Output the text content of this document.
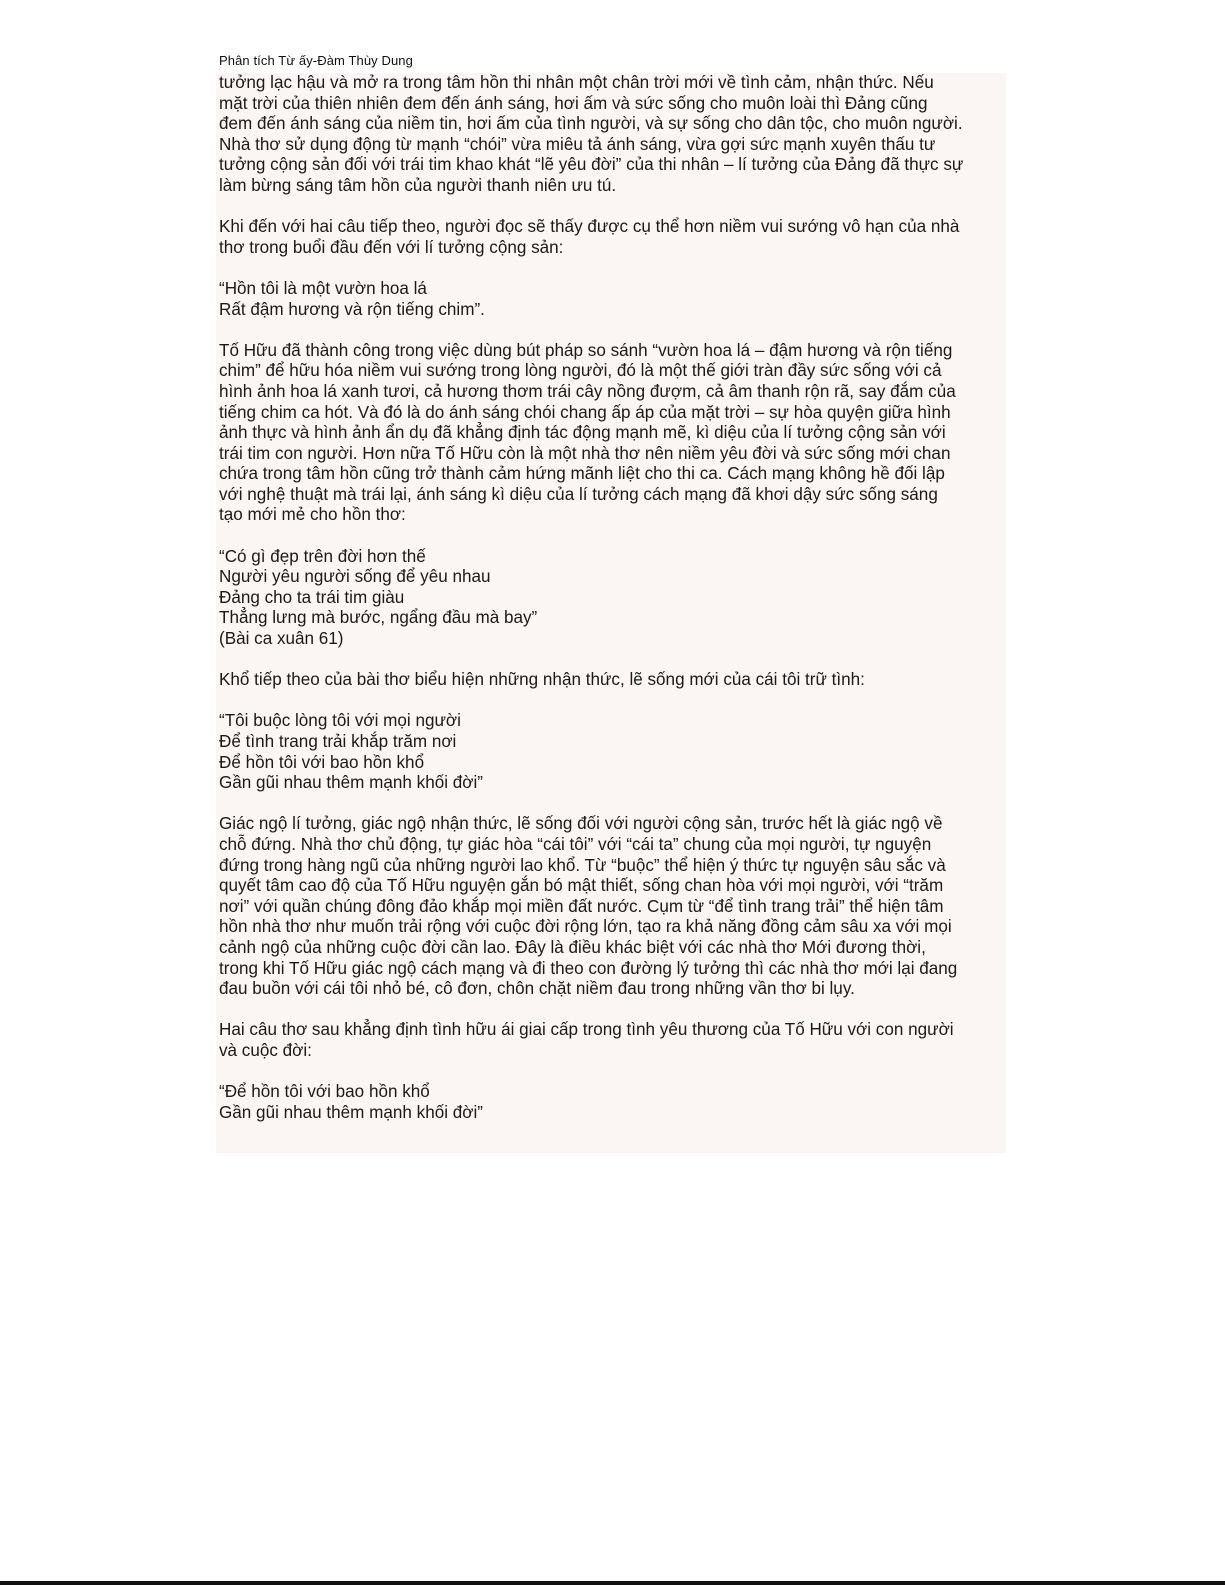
Phân tích Từ ấy-Đàm Thùy Dung

tưởng lạc hậu và mở ra trong tâm hồn thi nhân một chân trời mới về tình cảm, nhận thức. Nếu
mặt trời của thiên nhiên đem đến ánh sáng, hơi ấm và sức sống cho muôn loài thì Đảng cũng
đem đến ánh sáng của niềm tin, hơi ấm của tình người, và sự sống cho dân tộc, cho muôn người.
Nhà thơ sử dụng động từ mạnh “chói” vừa miêu tả ánh sáng, vừa gợi sức mạnh xuyên thấu tư
tưởng cộng sản đối với trái tim khao khát “lẽ yêu đời” của thi nhân – lí tưởng của Đảng đã thực sự
làm bừng sáng tâm hồn của người thanh niên ưu tú.

Khi đến với hai câu tiếp theo, người đọc sẽ thấy được cụ thể hơn niềm vui sướng vô hạn của nhà
thơ trong buổi đầu đến với lí tưởng cộng sản:

“Hồn tôi là một vườn hoa lá
Rất đậm hương và rộn tiếng chim”.

Tố Hữu đã thành công trong việc dùng bút pháp so sánh “vườn hoa lá – đậm hương và rộn tiếng
chim” để hữu hóa niềm vui sướng trong lòng người, đó là một thế giới tràn đầy sức sống với cả
hình ảnh hoa lá xanh tươi, cả hương thơm trái cây nồng đượm, cả âm thanh rộn rã, say đắm của
tiếng chim ca hót. Và đó là do ánh sáng chói chang ấp áp của mặt trời – sự hòa quyện giữa hình
ảnh thực và hình ảnh ẩn dụ đã khẳng định tác động mạnh mẽ, kì diệu của lí tưởng cộng sản với
trái tim con người. Hơn nữa Tố Hữu còn là một nhà thơ nên niềm yêu đời và sức sống mới chan
chứa trong tâm hồn cũng trở thành cảm hứng mãnh liệt cho thi ca. Cách mạng không hề đối lập
với nghệ thuật mà trái lại, ánh sáng kì diệu của lí tưởng cách mạng đã khơi dậy sức sống sáng
tạo mới mẻ cho hồn thơ:

“Có gì đẹp trên đời hơn thế
Người yêu người sống để yêu nhau
Đảng cho ta trái tim giàu
Thẳng lưng mà bước, ngẩng đầu mà bay”
(Bài ca xuân 61)

Khổ tiếp theo của bài thơ biểu hiện những nhận thức, lẽ sống mới của cái tôi trữ tình:

“Tôi buộc lòng tôi với mọi người
Để tình trang trải khắp trăm nơi
Để hồn tôi với bao hồn khổ
Gần gũi nhau thêm mạnh khối đời”

Giác ngộ lí tưởng, giác ngộ nhận thức, lẽ sống đối với người cộng sản, trước hết là giác ngộ về
chỗ đứng. Nhà thơ chủ động, tự giác hòa “cái tôi” với “cái ta” chung của mọi người, tự nguyện
đứng trong hàng ngũ của những người lao khổ. Từ “buộc” thể hiện ý thức tự nguyện sâu sắc và
quyết tâm cao độ của Tố Hữu nguyện gắn bó mật thiết, sống chan hòa với mọi người, với “trăm
nơi” với quần chúng đông đảo khắp mọi miền đất nước. Cụm từ “để tình trang trải” thể hiện tâm
hồn nhà thơ như muốn trải rộng với cuộc đời rộng lớn, tạo ra khả năng đồng cảm sâu xa với mọi
cảnh ngộ của những cuộc đời cần lao. Đây là điều khác biệt với các nhà thơ Mới đương thời,
trong khi Tố Hữu giác ngộ cách mạng và đi theo con đường lý tưởng thì các nhà thơ mới lại đang
đau buồn với cái tôi nhỏ bé, cô đơn, chôn chặt niềm đau trong những vần thơ bi lụy.

Hai câu thơ sau khẳng định tình hữu ái giai cấp trong tình yêu thương của Tố Hữu với con người
và cuộc đời:

“Để hồn tôi với bao hồn khổ
Gần gũi nhau thêm mạnh khối đời”
